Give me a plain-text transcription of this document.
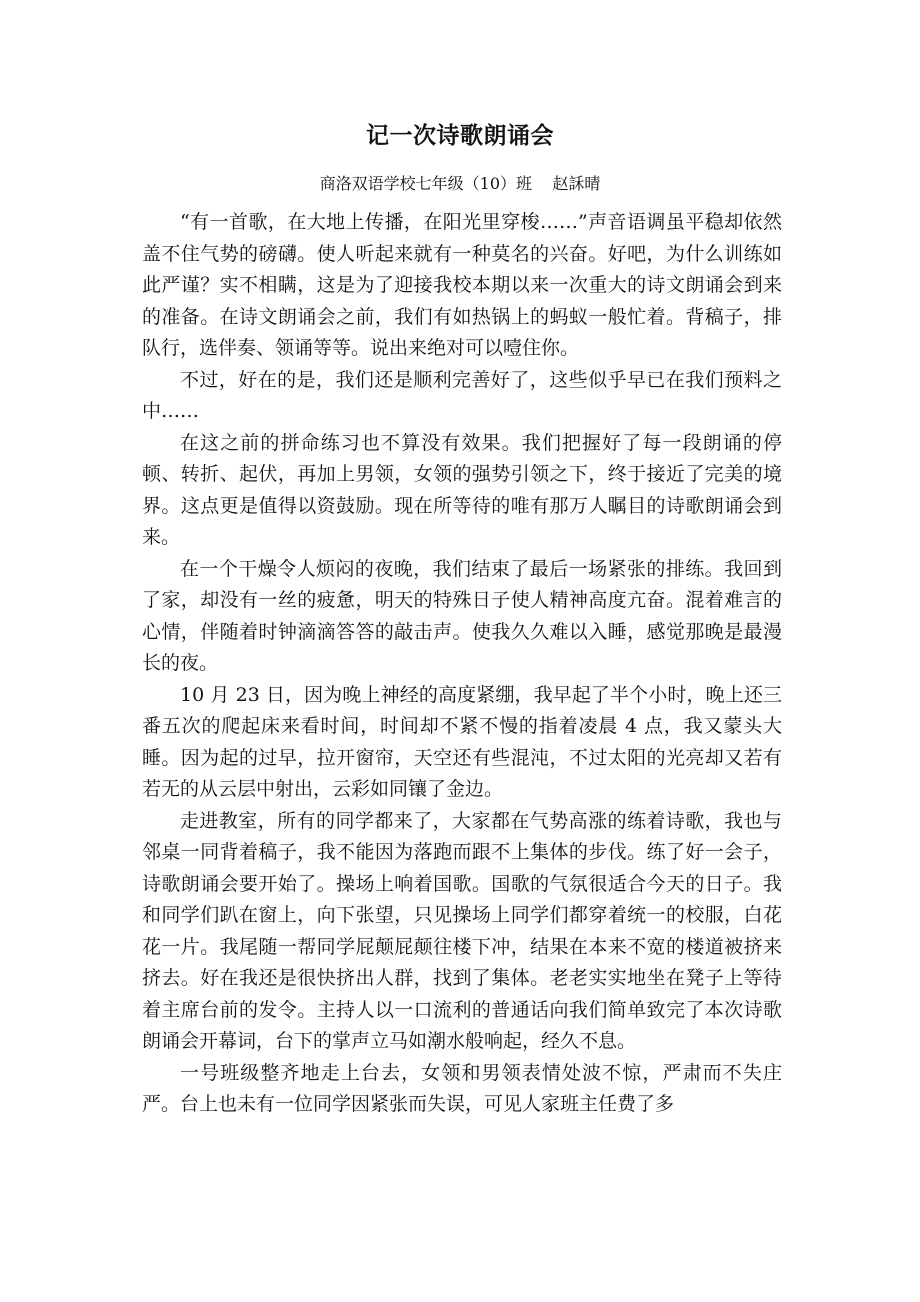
记一次诗歌朗诵会
商洛双语学校七年级（10）班    赵訸晴

“有一首歌，在大地上传播，在阳光里穿梭……”声音语调虽平稳却依然盖不住气势的磅礴。使人听起来就有一种莫名的兴奋。好吧，为什么训练如此严谨？实不相瞒，这是为了迎接我校本期以来一次重大的诗文朗诵会到来的准备。在诗文朗诵会之前，我们有如热锅上的蚂蚁一般忙着。背稿子，排队行，选伴奏、领诵等等。说出来绝对可以噎住你。

不过，好在的是，我们还是顺利完善好了，这些似乎早已在我们预料之中……

在这之前的拼命练习也不算没有效果。我们把握好了每一段朗诵的停顿、转折、起伏，再加上男领，女领的强势引领之下，终于接近了完美的境界。这点更是值得以资鼓励。现在所等待的唯有那万人瞩目的诗歌朗诵会到来。

在一个干燥令人烦闷的夜晚，我们结束了最后一场紧张的排练。我回到了家，却没有一丝的疲惫，明天的特殊日子使人精神高度亢奋。混着难言的心情，伴随着时钟滴滴答答的敲击声。使我久久难以入睡，感觉那晚是最漫长的夜。

10 月 23 日，因为晚上神经的高度紧绷，我早起了半个小时，晚上还三番五次的爬起床来看时间，时间却不紧不慢的指着凌晨 4 点，我又蒙头大睡。因为起的过早，拉开窗帘，天空还有些混沌，不过太阳的光亮却又若有若无的从云层中射出，云彩如同镶了金边。

走进教室，所有的同学都来了，大家都在气势高涨的练着诗歌，我也与邻桌一同背着稿子，我不能因为落跑而跟不上集体的步伐。练了好一会子，诗歌朗诵会要开始了。操场上响着国歌。国歌的气氛很适合今天的日子。我和同学们趴在窗上，向下张望，只见操场上同学们都穿着统一的校服，白花花一片。我尾随一帮同学屁颠屁颠往楼下冲，结果在本来不宽的楼道被挤来挤去。好在我还是很快挤出人群，找到了集体。老老实实地坐在凳子上等待着主席台前的发令。主持人以一口流利的普通话向我们简单致完了本次诗歌朗诵会开幕词，台下的掌声立马如潮水般响起，经久不息。

一号班级整齐地走上台去，女领和男领表情处波不惊，严肃而不失庄严。台上也未有一位同学因紧张而失误，可见人家班主任费了多
